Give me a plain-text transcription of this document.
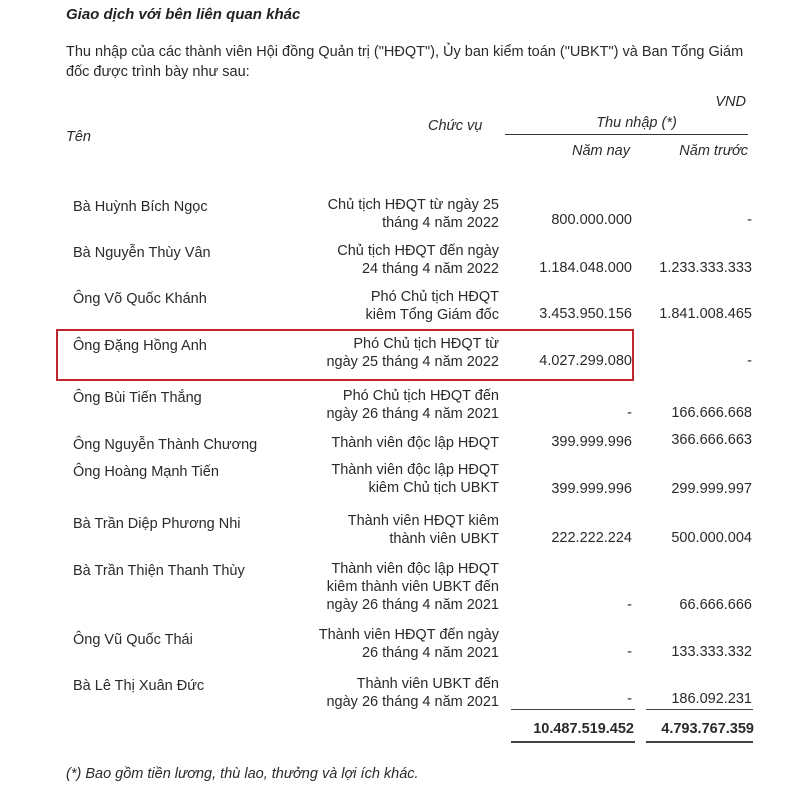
Giao dịch với bên liên quan khác
Thu nhập của các thành viên Hội đồng Quản trị ("HĐQT"), Ủy ban kiểm toán ("UBKT") và Ban Tổng Giám đốc được trình bày như sau:
VND
Tên
Chức vụ	Thu nhập (*)
Năm nay	Năm trước
Bà Huỳnh Bích Ngọc	Chủ tịch HĐQT từ ngày 25
tháng 4 năm 2022	800.000.000	-
Bà Nguyễn Thùy Vân	Chủ tịch HĐQT đến ngày
24 tháng 4 năm 2022	1.184.048.000 1.233.333.333
Ông Võ Quốc Khánh	Phó Chủ tịch HĐQT
kiêm Tổng Giám đốc	3.453.950.156 1.841.008.465
Ông Đặng Hồng Anh	Phó Chủ tịch HĐQT từ
ngày 25 tháng 4 năm 2022	4.027.299.080	-
Ông Bùi Tiến Thắng	Phó Chủ tịch HĐQT đến
ngày 26 tháng 4 năm 2021	-	166.666.668
Ông Nguyễn Thành Chương	Thành viên độc lập HĐQT	399.999.996	366.666.663
Ông Hoàng Mạnh Tiến	Thành viên độc lập HĐQT
kiêm Chủ tịch UBKT	399.999.996	299.999.997
Bà Trần Diệp Phương Nhi	Thành viên HĐQT kiêm
thành viên UBKT	222.222.224	500.000.004
Bà Trần Thiện Thanh Thùy	Thành viên độc lập HĐQT
kiêm thành viên UBKT đến
ngày 26 tháng 4 năm 2021	-	66.666.666
Ông Vũ Quốc Thái	Thành viên HĐQT đến ngày
26 tháng 4 năm 2021	-	133.333.332
Bà Lê Thị Xuân Đức	Thành viên UBKT đến
ngày 26 tháng 4 năm 2021	-	186.092.231
10.487.519.452 4.793.767.359
(*) Bao gồm tiền lương, thù lao, thưởng và lợi ích khác.
